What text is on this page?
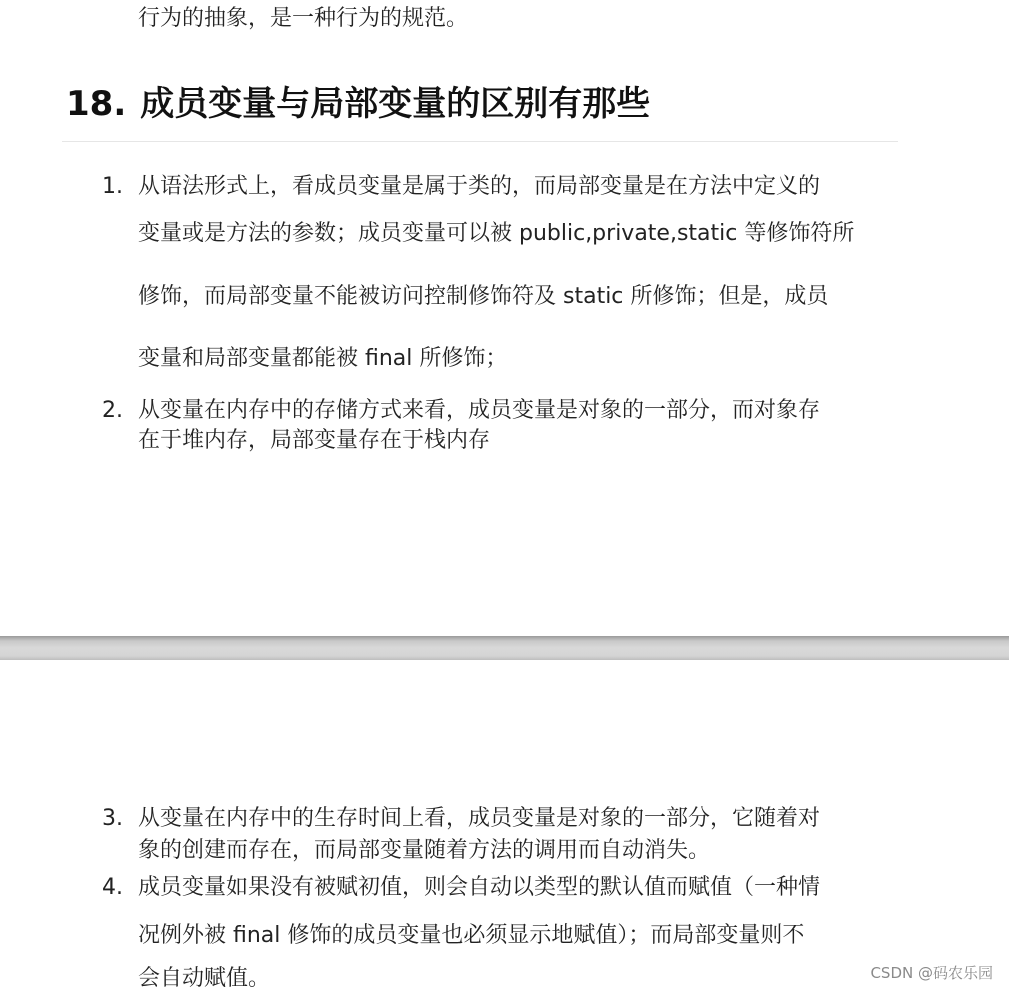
行为的抽象，是一种行为的规范。
18. 成员变量与局部变量的区别有那些
1. 从语法形式上，看成员变量是属于类的，而局部变量是在方法中定义的
变量或是方法的参数；成员变量可以被 public,private,static 等修饰符所
修饰，而局部变量不能被访问控制修饰符及 static 所修饰；但是，成员
变量和局部变量都能被 final 所修饰；
2. 从变量在内存中的存储方式来看，成员变量是对象的一部分，而对象存
在于堆内存，局部变量存在于栈内存
3. 从变量在内存中的生存时间上看，成员变量是对象的一部分，它随着对
象的创建而存在，而局部变量随着方法的调用而自动消失。
4. 成员变量如果没有被赋初值，则会自动以类型的默认值而赋值（一种情
况例外被 final 修饰的成员变量也必须显示地赋值）；而局部变量则不
会自动赋值。	CSDN @码农乐园
